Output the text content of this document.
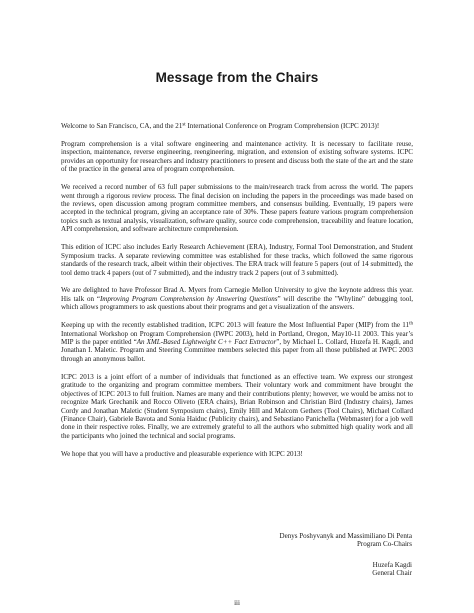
Message from the Chairs

Welcome to San Francisco, CA, and the 21st International Conference on Program Comprehension (ICPC 2013)!

Program comprehension is a vital software engineering and maintenance activity. It is necessary to facilitate reuse, inspection, maintenance, reverse engineering, reengineering, migration, and extension of existing software systems. ICPC provides an opportunity for researchers and industry practitioners to present and discuss both the state of the art and the state of the practice in the general area of program comprehension.

We received a record number of 63 full paper submissions to the main/research track from across the world. The papers went through a rigorous review process. The final decision on including the papers in the proceedings was made based on the reviews, open discussion among program committee members, and consensus building. Eventually, 19 papers were accepted in the technical program, giving an acceptance rate of 30%. These papers feature various program comprehension topics such as textual analysis, visualization, software quality, source code comprehension, traceability and feature location, API comprehension, and software architecture comprehension.

This edition of ICPC also includes Early Research Achievement (ERA), Industry, Formal Tool Demonstration, and Student Symposium tracks. A separate reviewing committee was established for these tracks, which followed the same rigorous standards of the research track, albeit within their objectives. The ERA track will feature 5 papers (out of 14 submitted), the tool demo track 4 papers (out of 7 submitted), and the industry track 2 papers (out of 3 submitted).

We are delighted to have Professor Brad A. Myers from Carnegie Mellon University to give the keynote address this year. His talk on “Improving Program Comprehension by Answering Questions” will describe the "Whyline" debugging tool, which allows programmers to ask questions about their programs and get a visualization of the answers.

Keeping up with the recently established tradition, ICPC 2013 will feature the Most Influential Paper (MIP) from the 11th International Workshop on Program Comprehension (IWPC 2003), held in Portland, Oregon, May10-11 2003. This year’s MIP is the paper entitled “An XML-Based Lightweight C++ Fact Extractor”, by Michael L. Collard, Huzefa H. Kagdi, and Jonathan I. Maletic. Program and Steering Committee members selected this paper from all those published at IWPC 2003 through an anonymous ballot.

ICPC 2013 is a joint effort of a number of individuals that functioned as an effective team. We express our strongest gratitude to the organizing and program committee members. Their voluntary work and commitment have brought the objectives of ICPC 2013 to full fruition. Names are many and their contributions plenty; however, we would be amiss not to recognize Mark Grechanik and Rocco Oliveto (ERA chairs), Brian Robinson and Christian Bird (Industry chairs), James Cordy and Jonathan Maletic (Student Symposium chairs), Emily Hill and Malcom Gethers (Tool Chairs), Michael Collard (Finance Chair), Gabriele Bavota and Sonia Haiduc (Publicity chairs), and Sebastiano Panichella (Webmaster) for a job well done in their respective roles. Finally, we are extremely grateful to all the authors who submitted high quality work and all the participants who joined the technical and social programs.

We hope that you will have a productive and pleasurable experience with ICPC 2013!

Denys Poshyvanyk and Massimiliano Di Penta
Program Co-Chairs
Huzefa Kagdi
General Chair
iii
